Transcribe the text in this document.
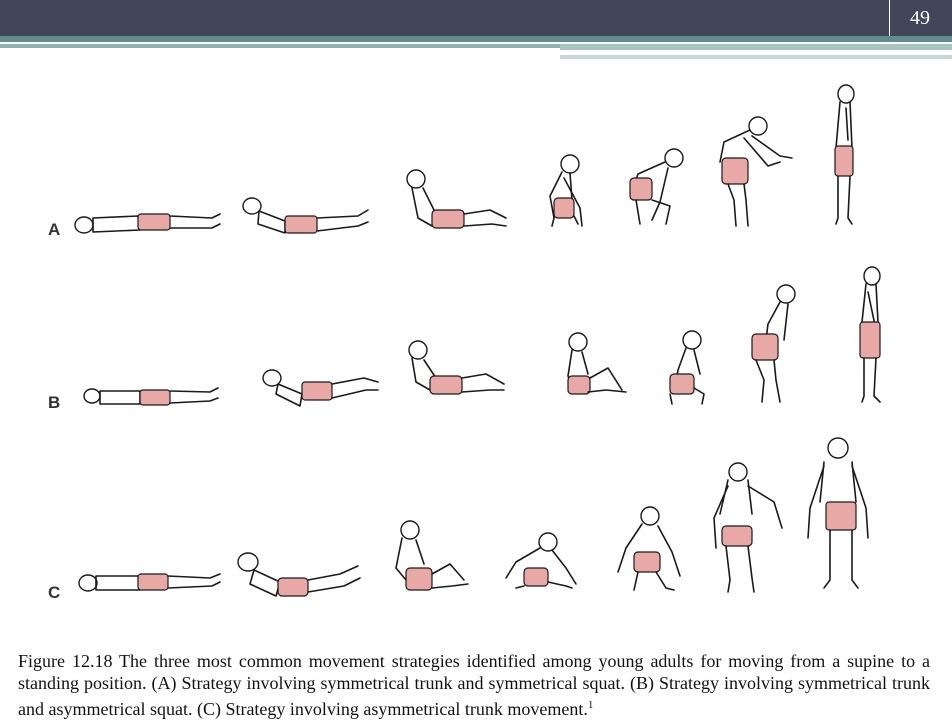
49
A
B
C

Figure 12.18 The three most common movement strategies identified among young adults for moving from a supine to a standing position. (A) Strategy involving symmetrical trunk and symmetrical squat. (B) Strategy involving symmetrical trunk and asymmetrical squat. (C) Strategy involving asymmetrical trunk movement.$^1$
